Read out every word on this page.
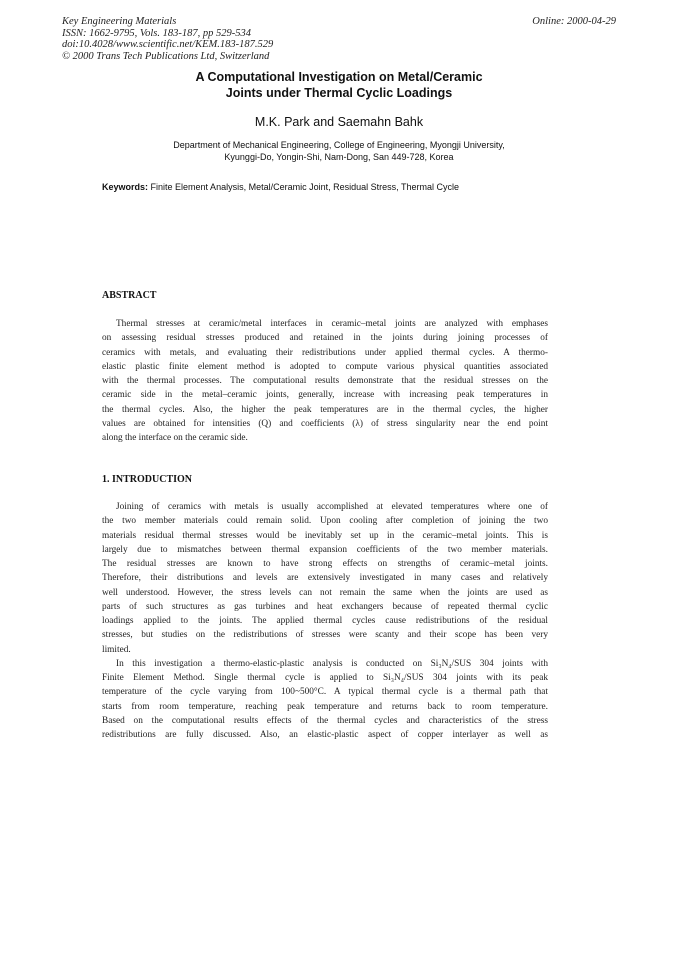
Key Engineering Materials
ISSN: 1662-9795, Vols. 183-187, pp 529-534
doi:10.4028/www.scientific.net/KEM.183-187.529
© 2000 Trans Tech Publications Ltd, Switzerland
Online: 2000-04-29
A Computational Investigation on Metal/Ceramic
Joints under Thermal Cyclic Loadings
M.K. Park and Saemahn Bahk
Department of Mechanical Engineering, College of Engineering, Myongji University,
Kyunggi-Do, Yongin-Shi, Nam-Dong, San 449-728, Korea
Keywords: Finite Element Analysis, Metal/Ceramic Joint, Residual Stress, Thermal Cycle
ABSTRACT
Thermal stresses at ceramic/metal interfaces in ceramic–metal joints are analyzed with emphases
on assessing residual stresses produced and retained in the joints during joining processes of
ceramics with metals, and evaluating their redistributions under applied thermal cycles. A thermo-
elastic plastic finite element method is adopted to compute various physical quantities associated
with the thermal processes. The computational results demonstrate that the residual stresses on the
ceramic side in the metal–ceramic joints, generally, increase with increasing peak temperatures in
the thermal cycles. Also, the higher the peak temperatures are in the thermal cycles, the higher
values are obtained for intensities (Q) and coefficients (λ) of stress singularity near the end point
along the interface on the ceramic side.
1. INTRODUCTION
Joining of ceramics with metals is usually accomplished at elevated temperatures where one of
the two member materials could remain solid. Upon cooling after completion of joining the two
materials residual thermal stresses would be inevitably set up in the ceramic–metal joints. This is
largely due to mismatches between thermal expansion coefficients of the two member materials.
The residual stresses are known to have strong effects on strengths of ceramic–metal joints.
Therefore, their distributions and levels are extensively investigated in many cases and relatively
well understood. However, the stress levels can not remain the same when the joints are used as
parts of such structures as gas turbines and heat exchangers because of repeated thermal cyclic
loadings applied to the joints. The applied thermal cycles cause redistributions of the residual
stresses, but studies on the redistributions of stresses were scanty and their scope has been very
limited.
In this investigation a thermo-elastic-plastic analysis is conducted on Si₃N₄/SUS 304 joints with
Finite Element Method. Single thermal cycle is applied to Si₃N₄/SUS 304 joints with its peak
temperature of the cycle varying from 100~500°C. A typical thermal cycle is a thermal path that
starts from room temperature, reaching peak temperature and returns back to room temperature.
Based on the computational results effects of the thermal cycles and characteristics of the stress
redistributions are fully discussed. Also, an elastic-plastic aspect of copper interlayer as well as
